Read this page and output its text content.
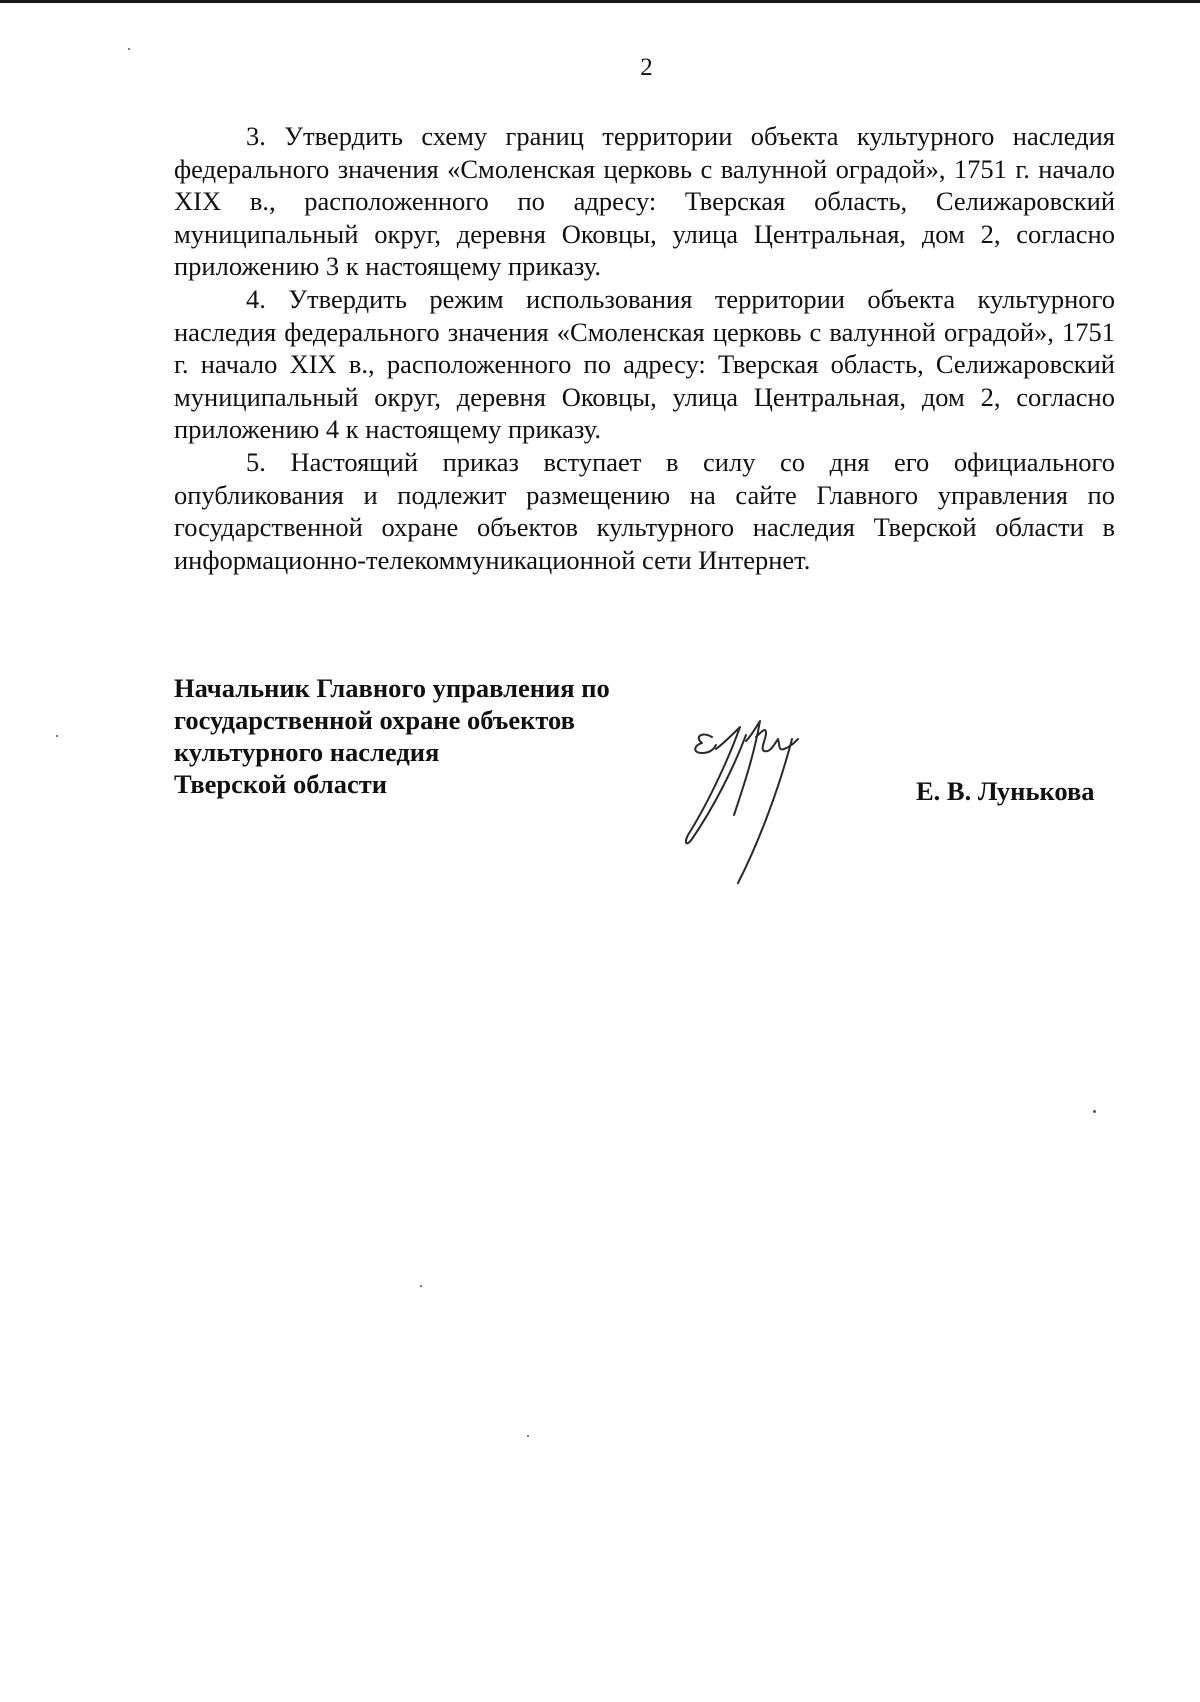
2

3. Утвердить схему границ территории объекта культурного наследия федерального значения «Смоленская церковь с валунной оградой», 1751 г. начало XIX в., расположенного по адресу: Тверская область, Селижаровский муниципальный округ, деревня Оковцы, улица Центральная, дом 2, согласно приложению 3 к настоящему приказу.

4. Утвердить режим использования территории объекта культурного наследия федерального значения «Смоленская церковь с валунной оградой», 1751 г. начало XIX в., расположенного по адресу: Тверская область, Селижаровский муниципальный округ, деревня Оковцы, улица Центральная, дом 2, согласно приложению 4 к настоящему приказу.

5. Настоящий приказ вступает в силу со дня его официального опубликования и подлежит размещению на сайте Главного управления по государственной охране объектов культурного наследия Тверской области в информационно-телекоммуникационной сети Интернет.

Начальник Главного управления по
государственной охране объектов
культурного наследия
Тверской области	Е. В. Лунькова
